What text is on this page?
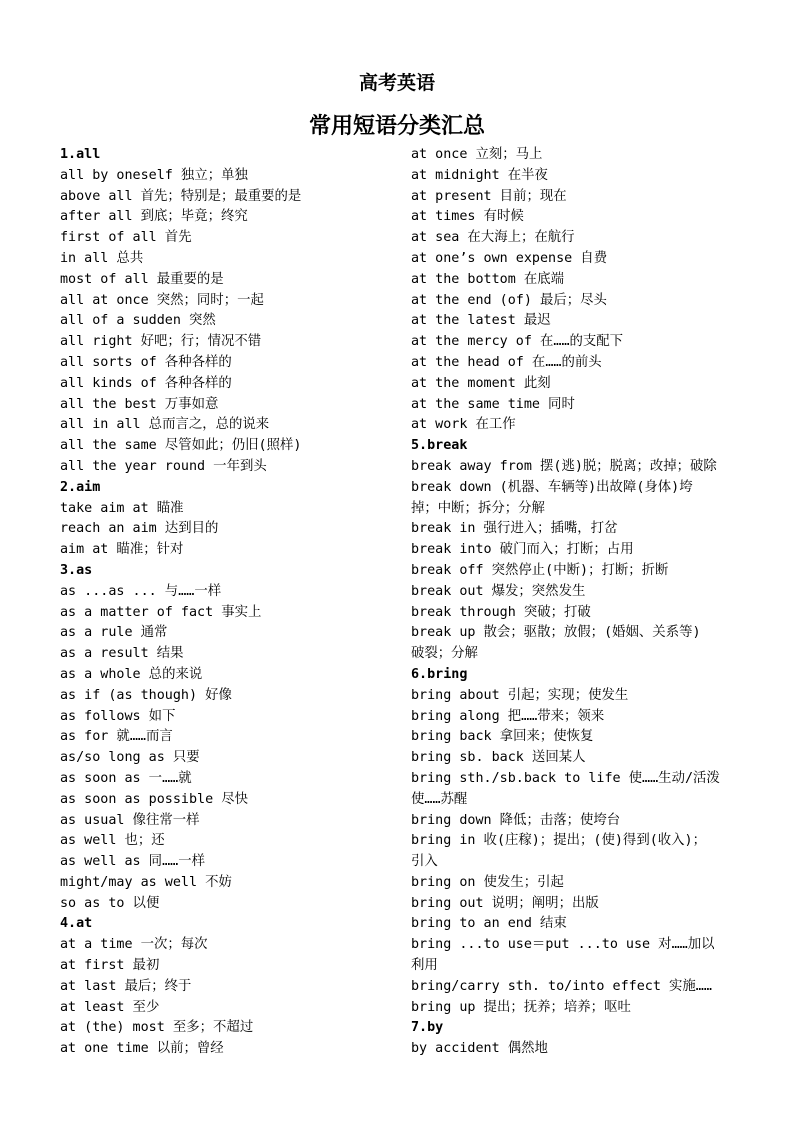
高考英语
常用短语分类汇总
1.all
all by oneself 独立；单独
above all 首先；特别是；最重要的是
after all 到底；毕竟；终究
first of all 首先
in all 总共
most of all 最重要的是
all at once 突然；同时；一起
all of a sudden 突然
all right 好吧；行；情况不错
all sorts of 各种各样的
all kinds of 各种各样的
all the best 万事如意
all in all 总而言之，总的说来
all the same 尽管如此；仍旧(照样)
all the year round 一年到头
2.aim
take aim at 瞄准
reach an aim 达到目的
aim at 瞄准；针对
3.as
as ...as ... 与……一样
as a matter of fact 事实上
as a rule 通常
as a result 结果
as a whole 总的来说
as if (as though) 好像
as follows 如下
as for 就……而言
as/so long as 只要
as soon as 一……就
as soon as possible 尽快
as usual 像往常一样
as well 也；还
as well as 同……一样
might/may as well 不妨
so as to 以便
4.at
at a time 一次；每次
at first 最初
at last 最后；终于
at least 至少
at (the) most 至多；不超过
at one time 以前；曾经
at once 立刻；马上
at midnight 在半夜
at present 目前；现在
at times 有时候
at sea 在大海上；在航行
at one’s own expense 自费
at the bottom 在底端
at the end (of) 最后；尽头
at the latest 最迟
at the mercy of 在……的支配下
at the head of 在……的前头
at the moment 此刻
at the same time 同时
at work 在工作
5.break
break away from 摆(逃)脱；脱离；改掉；破除
break down (机器、车辆等)出故障(身体)垮
掉；中断；拆分；分解
break in 强行进入；插嘴，打岔
break into 破门而入；打断；占用
break off 突然停止(中断)；打断；折断
break out 爆发；突然发生
break through 突破；打破
break up 散会；驱散；放假；(婚姻、关系等)
破裂；分解
6.bring
bring about 引起；实现；使发生
bring along 把……带来；领来
bring back 拿回来；使恢复
bring sb. back 送回某人
bring sth./sb.back to life 使……生动/活泼
使……苏醒
bring down 降低；击落；使垮台
bring in 收(庄稼)；提出；(使)得到(收入)；
引入
bring on 使发生；引起
bring out 说明；阐明；出版
bring to an end 结束
bring ...to use＝put ...to use 对……加以
利用
bring/carry sth. to/into effect 实施……
bring up 提出；抚养；培养；呕吐
7.by
by accident 偶然地
